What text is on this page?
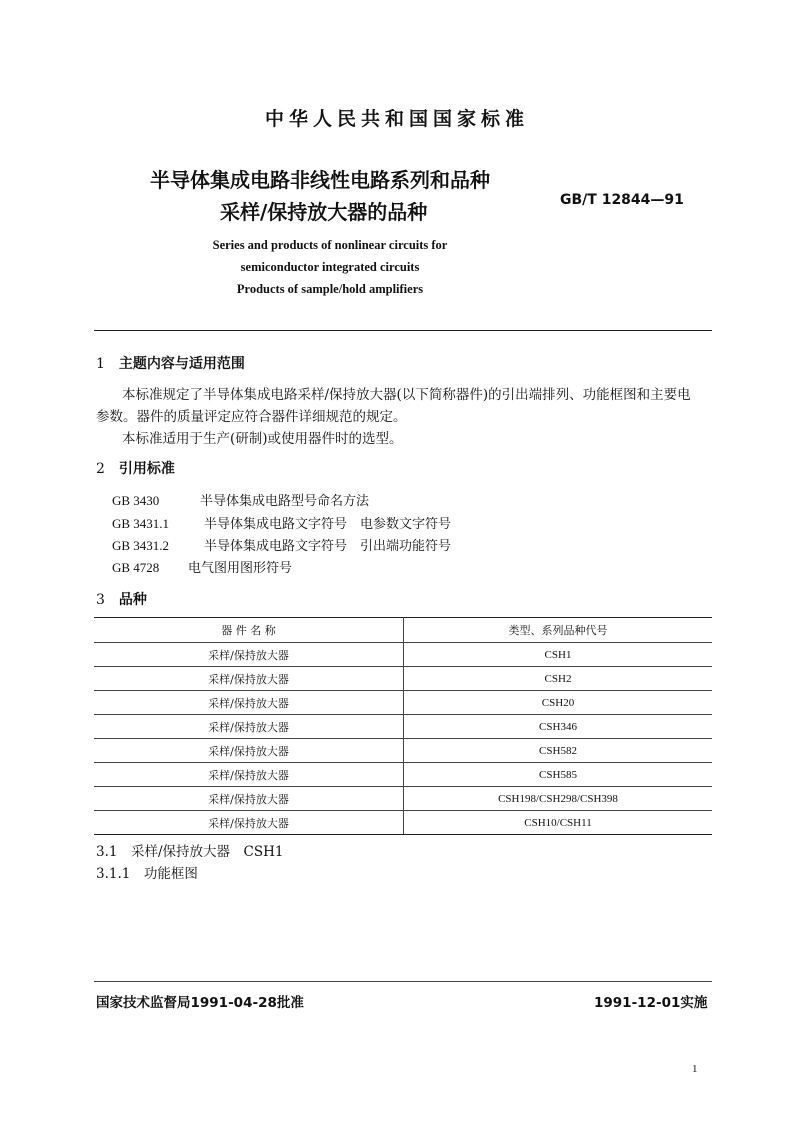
中华人民共和国国家标准
半导体集成电路非线性电路系列和品种
采样/保持放大器的品种	GB/T 12844—91
Series and products of nonlinear circuits for
semiconductor integrated circuits
Products of sample/hold amplifiers
1 主题内容与适用范围
本标准规定了半导体集成电路采样/保持放大器(以下简称器件)的引出端排列、功能框图和主要电
参数。器件的质量评定应符合器件详细规范的规定。
本标准适用于生产(研制)或使用器件时的选型。
2 引用标准
GB 3430	半导体集成电路型号命名方法
GB 3431.1	半导体集成电路文字符号　电参数文字符号
GB 3431.2	半导体集成电路文字符号　引出端功能符号
GB 4728 电气图用图形符号
3 品种
器 件 名 称	类型、系列品种代号
采样/保持放大器	CSH1
采样/保持放大器	CSH2
采样/保持放大器	CSH20
采样/保持放大器	CSH346
采样/保持放大器	CSH582
采样/保持放大器	CSH585
采样/保持放大器	CSH198/CSH298/CSH398
采样/保持放大器	CSH10/CSH11
3.1　采样/保持放大器　CSH1
3.1.1　功能框图
国家技术监督局1991-04-28批准	1991-12-01实施
1
